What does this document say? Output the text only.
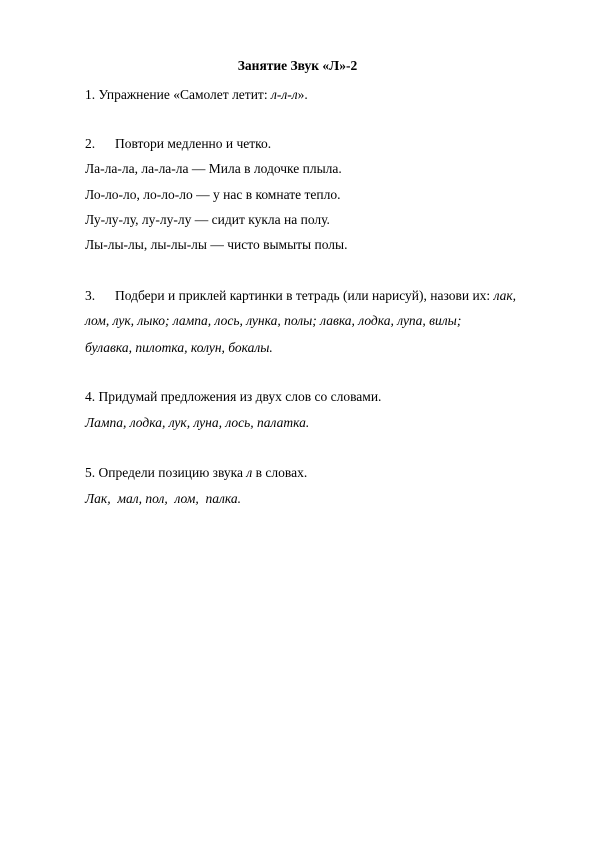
Занятие Звук «Л»-2
1. Упражнение «Самолет летит: л-л-л».
2. Повтори медленно и четко.
Ла-ла-ла, ла-ла-ла — Мила в лодочке плыла.
Ло-ло-ло, ло-ло-ло — у нас в комнате тепло.
Лу-лу-лу, лу-лу-лу — сидит кукла на полу.
Лы-лы-лы, лы-лы-лы — чисто вымыты полы.
3. Подбери и приклей картинки в тетрадь (или нарисуй), назови их: лак,
лом, лук, лыко; лампа, лось, лунка, полы; лавка, лодка, лупа, вилы;
булавка, пилотка, колун, бокалы.
4. Придумай предложения из двух слов со словами.
Лампа, лодка, лук, луна, лось, палатка.
5. Определи позицию звука л в словах.
Лак,  мал, пол,  лом,  палка.
